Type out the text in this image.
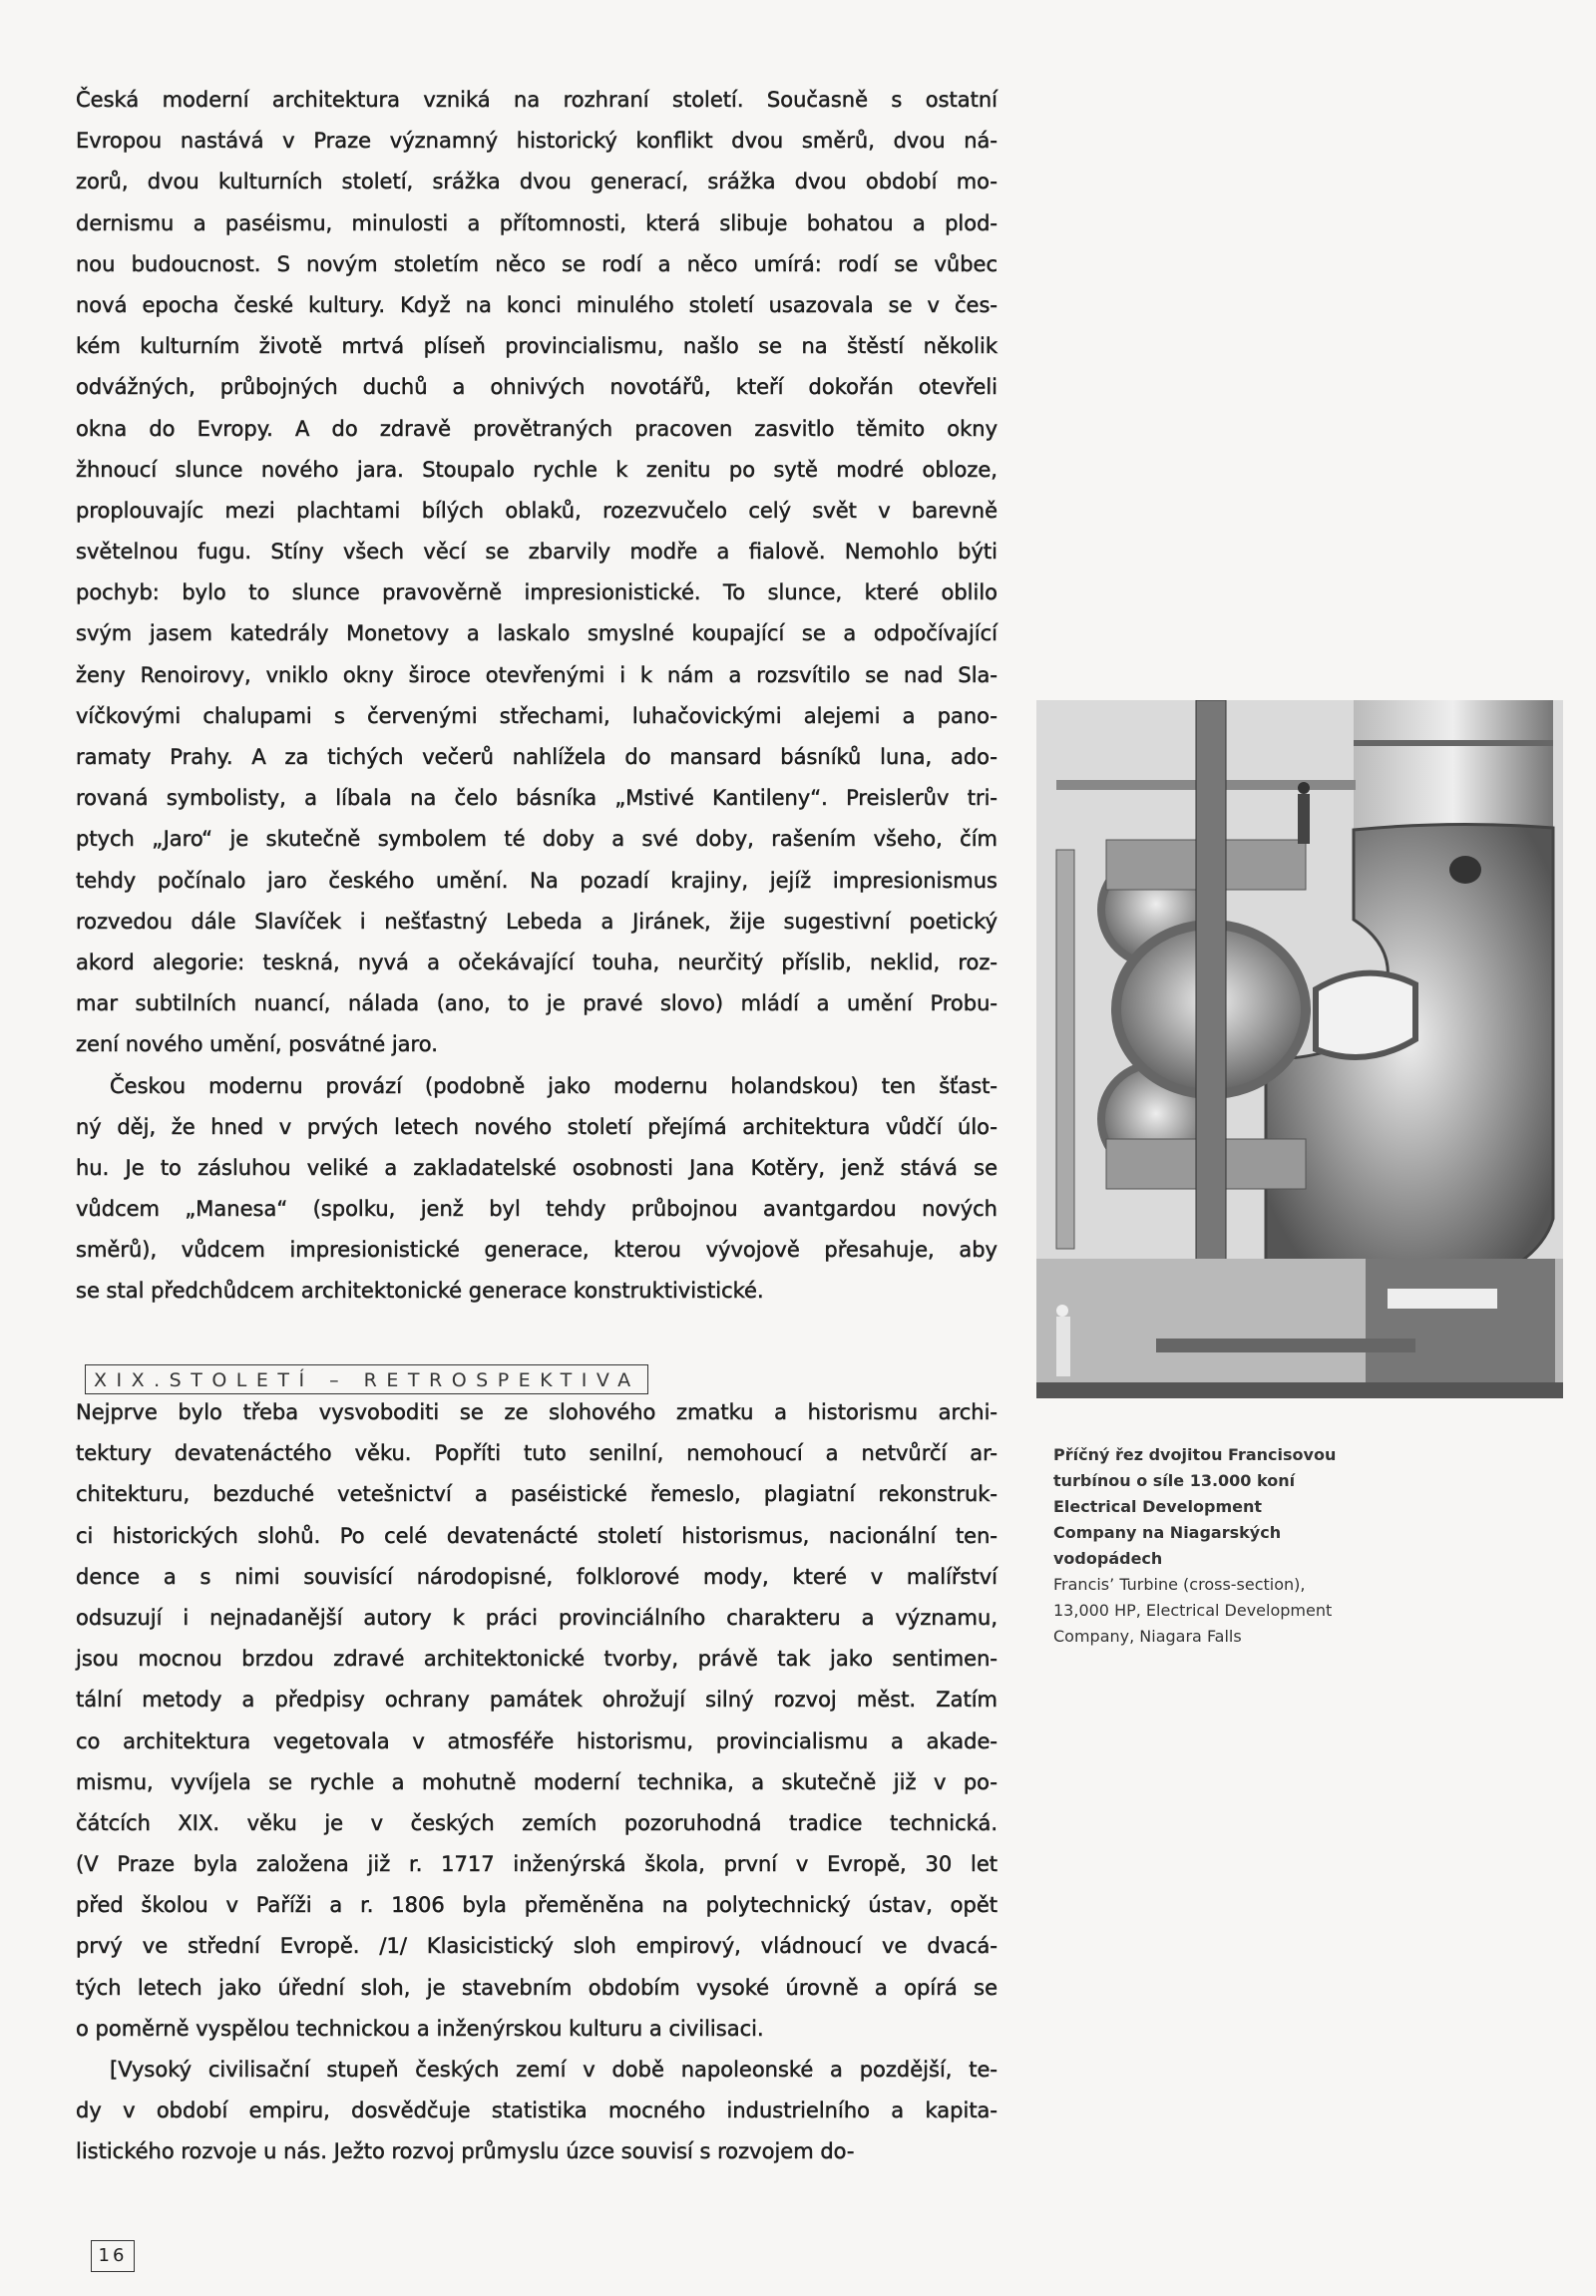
Česká moderní architektura vzniká na rozhraní století. Současně s ostatní
Evropou nastává v Praze významný historický konflikt dvou směrů, dvou ná-
zorů, dvou kulturních století, srážka dvou generací, srážka dvou období mo-
dernismu a paséismu, minulosti a přítomnosti, která slibuje bohatou a plod-
nou budoucnost. S novým stoletím něco se rodí a něco umírá: rodí se vůbec
nová epocha české kultury. Když na konci minulého století usazovala se v čes-
kém kulturním životě mrtvá plíseň provincialismu, našlo se na štěstí několik
odvážných, průbojných duchů a ohnivých novotářů, kteří dokořán otevřeli
okna do Evropy. A do zdravě provětraných pracoven zasvitlo těmito okny
žhnoucí slunce nového jara. Stoupalo rychle k zenitu po sytě modré obloze,
proplouvajíc mezi plachtami bílých oblaků, rozezvučelo celý svět v barevně
světelnou fugu. Stíny všech věcí se zbarvily modře a fialově. Nemohlo býti
pochyb: bylo to slunce pravověrně impresionistické. To slunce, které oblilo
svým jasem katedrály Monetovy a laskalo smyslné koupající se a odpočívající
ženy Renoirovy, vniklo okny široce otevřenými i k nám a rozsvítilo se nad Sla-
víčkovými chalupami s červenými střechami, luhačovickými alejemi a pano-
ramaty Prahy. A za tichých večerů nahlížela do mansard básníků luna, ado-
rovaná symbolisty, a líbala na čelo básníka „Mstivé Kantileny“. Preislerův tri-
ptych „Jaro“ je skutečně symbolem té doby a své doby, rašením všeho, čím
tehdy počínalo jaro českého umění. Na pozadí krajiny, jejíž impresionismus
rozvedou dále Slavíček i nešťastný Lebeda a Jiránek, žije sugestivní poetický
akord alegorie: teskná, nyvá a očekávající touha, neurčitý příslib, neklid, roz-
mar subtilních nuancí, nálada (ano, to je pravé slovo) mládí a umění Probu-
zení nového umění, posvátné jaro.
Českou modernu provází (podobně jako modernu holandskou) ten šťast-
ný děj, že hned v prvých letech nového století přejímá architektura vůdčí úlo-
hu. Je to zásluhou veliké a zakladatelské osobnosti Jana Kotěry, jenž stává se
vůdcem „Manesa“ (spolku, jenž byl tehdy průbojnou avantgardou nových
směrů), vůdcem impresionistické generace, kterou vývojově přesahuje, aby
se stal předchůdcem architektonické generace konstruktivistické.
XIX.STOLETÍ – RETROSPEKTIVA
Nejprve bylo třeba vysvoboditi se ze slohového zmatku a historismu archi-
tektury devatenáctého věku. Popříti tuto senilní, nemohoucí a netvůrčí ar-
chitekturu, bezduché vetešnictví a paséistické řemeslo, plagiatní rekonstruk-
ci historických slohů. Po celé devatenácté století historismus, nacionální ten-
dence a s nimi souvisící národopisné, folklorové mody, které v malířství
odsuzují i nejnadanější autory k práci provinciálního charakteru a významu,
jsou mocnou brzdou zdravé architektonické tvorby, právě tak jako sentimen-
tální metody a předpisy ochrany památek ohrožují silný rozvoj měst. Zatím
co architektura vegetovala v atmosféře historismu, provincialismu a akade-
mismu, vyvíjela se rychle a mohutně moderní technika, a skutečně již v po-
čátcích XIX. věku je v českých zemích pozoruhodná tradice technická.
(V Praze byla založena již r. 1717 inženýrská škola, první v Evropě, 30 let
před školou v Paříži a r. 1806 byla přeměněna na polytechnický ústav, opět
prvý ve střední Evropě. /1/ Klasicistický sloh empirový, vládnoucí ve dvacá-
tých letech jako úřední sloh, je stavebním obdobím vysoké úrovně a opírá se
o poměrně vyspělou technickou a inženýrskou kulturu a civilisaci.
[Vysoký civilisační stupeň českých zemí v době napoleonské a pozdější, te-
dy v období empiru, dosvědčuje statistika mocného industrielního a kapita-
listického rozvoje u nás. Ježto rozvoj průmyslu úzce souvisí s rozvojem do-
Příčný řez dvojitou Francisovou
turbínou o síle 13.000 koní
Electrical Development
Company na Niagarských
vodopádech
Francis’ Turbine (cross-section),
13,000 HP, Electrical Development
Company, Niagara Falls
16
